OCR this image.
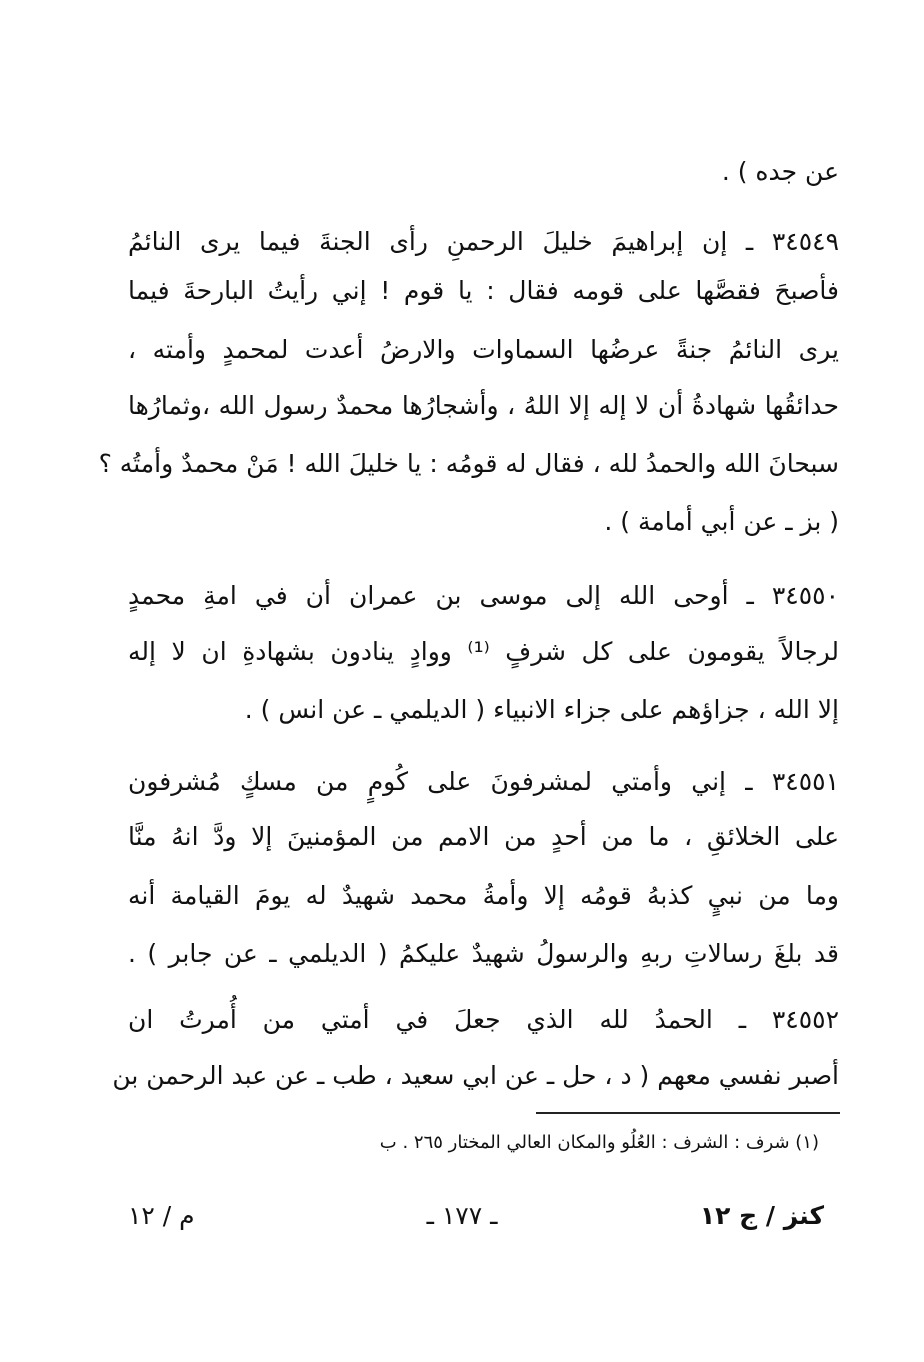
عن جده ) .
٣٤٥٤٩ ـ إن إبراهيمَ خليلَ الرحمنِ رأى الجنةَ فيما يرى النائمُ
فأصبحَ فقصَّها على قومه فقال : يا قوم ! إني رأيتُ البارحةَ فيما
يرى النائمُ جنةً عرضُها السماوات والارضُ أعدت لمحمدٍ وأمته ،
حدائقُها شهادةُ أن لا إله إلا اللهُ ، وأشجارُها محمدٌ رسول الله ،وثمارُها
سبحانَ الله والحمدُ لله ، فقال له قومُه : يا خليلَ الله ! مَنْ محمدٌ وأمتُه ؟
( بز ـ عن أبي أمامة ) .
٣٤٥٥٠ ـ أوحى الله إلى موسى بن عمران أن في امةِ محمدٍ
لرجالاً يقومون على كل شرفٍ ⁽¹⁾ ووادٍ ينادون بشهادةِ ان لا إله
إلا الله ، جزاؤهم على جزاء الانبياء ( الديلمي ـ عن انس ) .
٣٤٥٥١ ـ إني وأمتي لمشرفونَ على كُومٍ من مسكٍ مُشرفون
على الخلائقِ ، ما من أحدٍ من الامم من المؤمنينَ إلا ودَّ انهُ منَّا
وما من نبيٍ كذبهُ قومُه إلا وأمةُ محمد شهيدٌ له يومَ القيامة أنه
قد بلغَ رسالاتِ ربهِ والرسولُ شهيدٌ عليكمُ ( الديلمي ـ عن جابر ) .
٣٤٥٥٢ ـ الحمدُ لله الذي جعلَ في أمتي من أُمرتُ ان
أصبر نفسي معهم ( د ، حل ـ عن ابي سعيد ، طب ـ عن عبد الرحمن بن
(١) شرف : الشرف : العُلُو والمكان العالي المختار ٢٦٥ . ب
كنز / ج ١٢
ـ ١٧٧ ـ
م / ١٢
